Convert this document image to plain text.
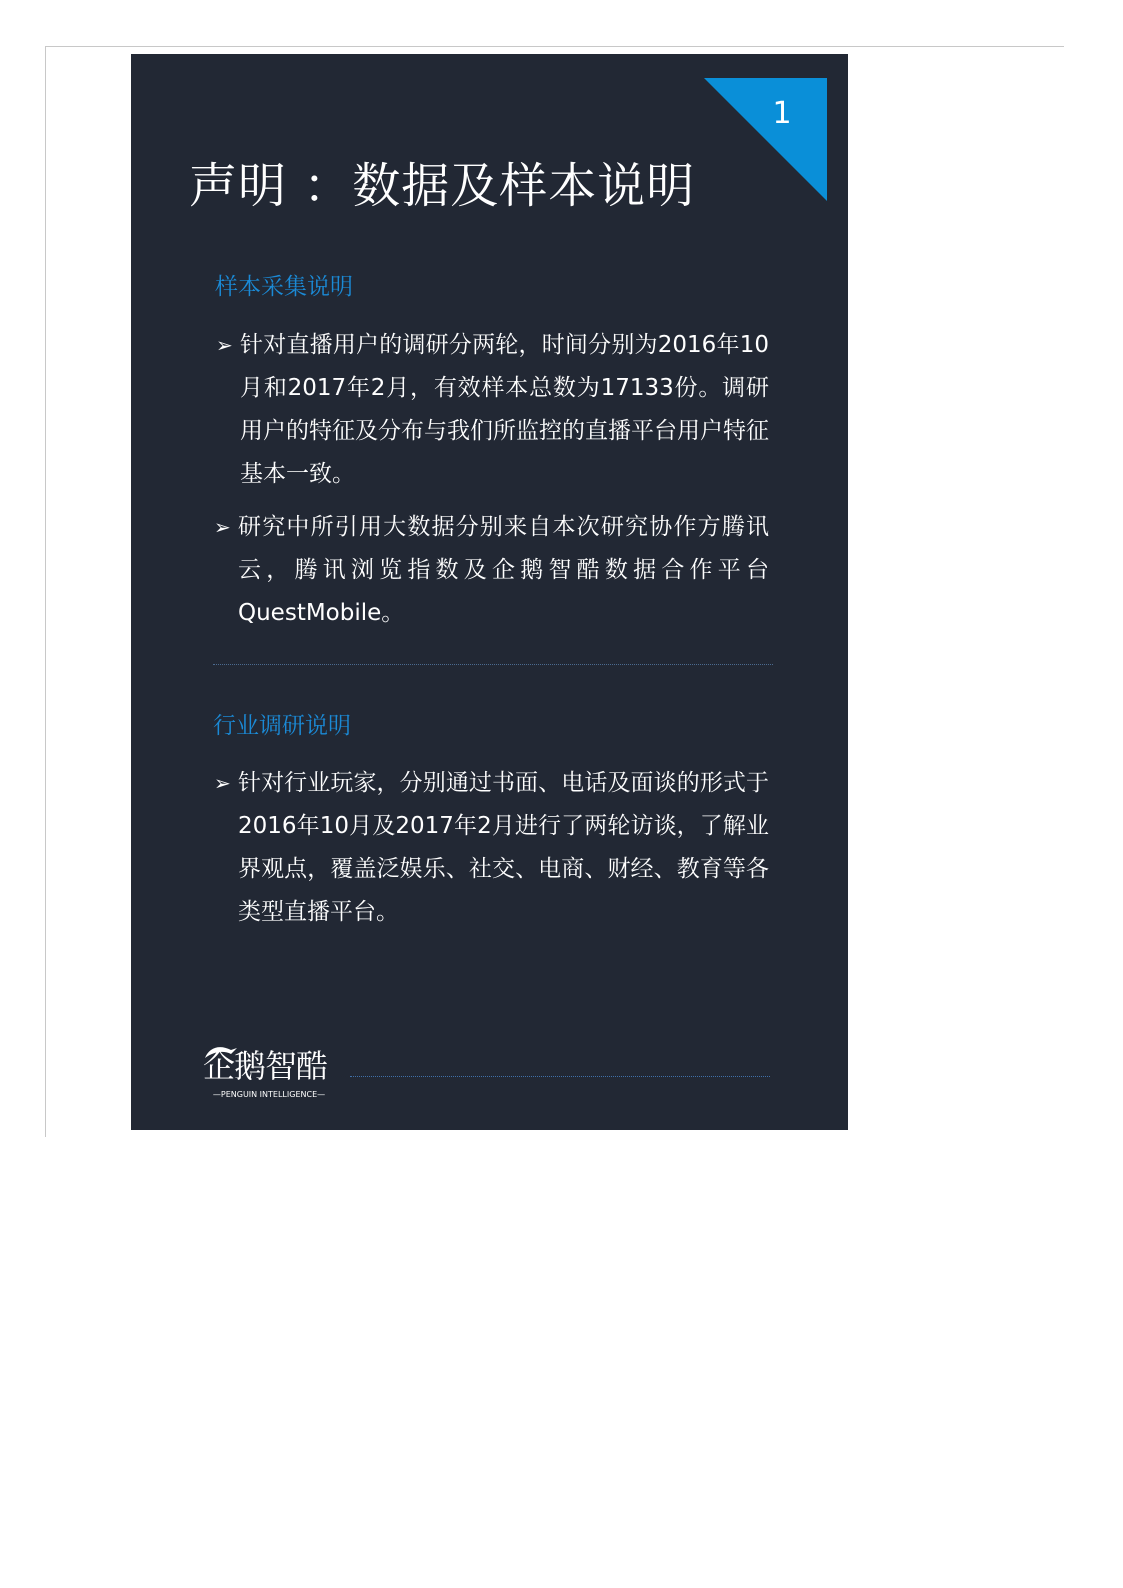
1
声明 ：数据及样本说明
样本采集说明
➢ 针对直播用户的调研分两轮，时间分别为2016年10月和2017年2月，有效样本总数为17133份。调研用户的特征及分布与我们所监控的直播平台用户特征基本一致。
➢ 研究中所引用大数据分别来自本次研究协作方腾讯云，腾讯浏览指数及企鹅智酷数据合作平台QuestMobile。
行业调研说明
➢ 针对行业玩家，分别通过书面、电话及面谈的形式于2016年10月及2017年2月进行了两轮访谈，了解业界观点，覆盖泛娱乐、社交、电商、财经、教育等各类型直播平台。
企鹅智酷
—PENGUIN INTELLIGENCE—
